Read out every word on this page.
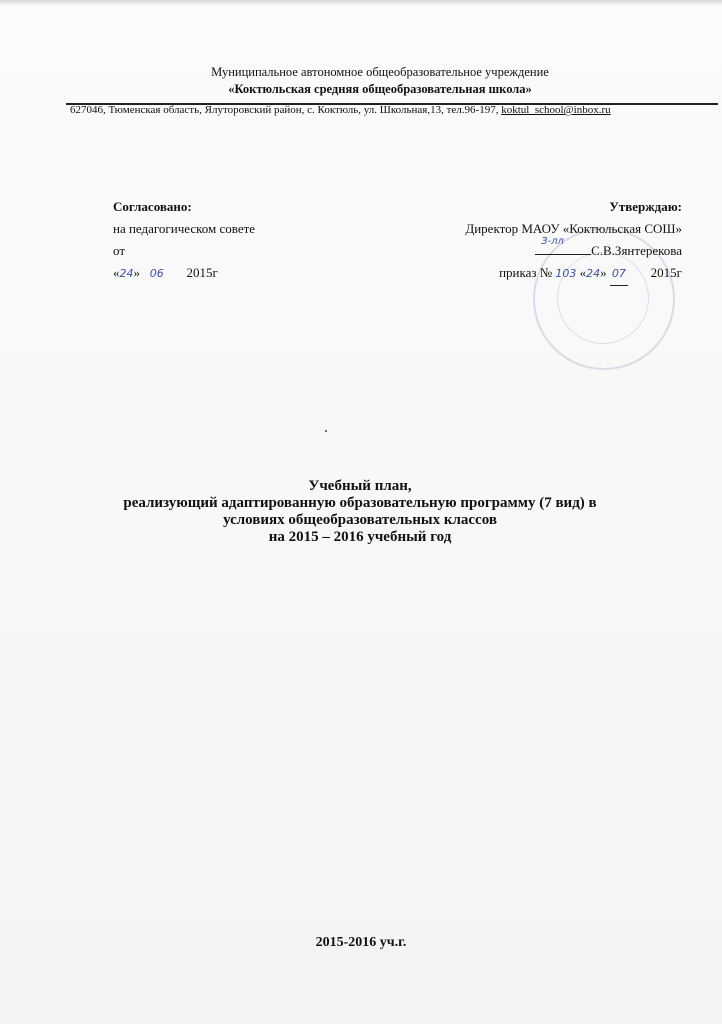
Муниципальное автономное общеобразовательное учреждение
«Коктюльская средняя общеобразовательная школа»
627046, Тюменская область, Ялуторовский район, с. Коктюль, ул. Школьная,13, тел.96-197, koktul_school@inbox.ru
Согласовано:
на педагогическом совете
от
«24» 06 2015г
Утверждаю:
Директор МАОУ «Коктюльская СОШ»
З-лл
С.В.Зянтерекова
приказ № 103 «24» 07 2015г
Учебный план,
реализующий адаптированную образовательную программу (7 вид) в
условиях общеобразовательных классов
на 2015 – 2016 учебный год
2015-2016 уч.г.
